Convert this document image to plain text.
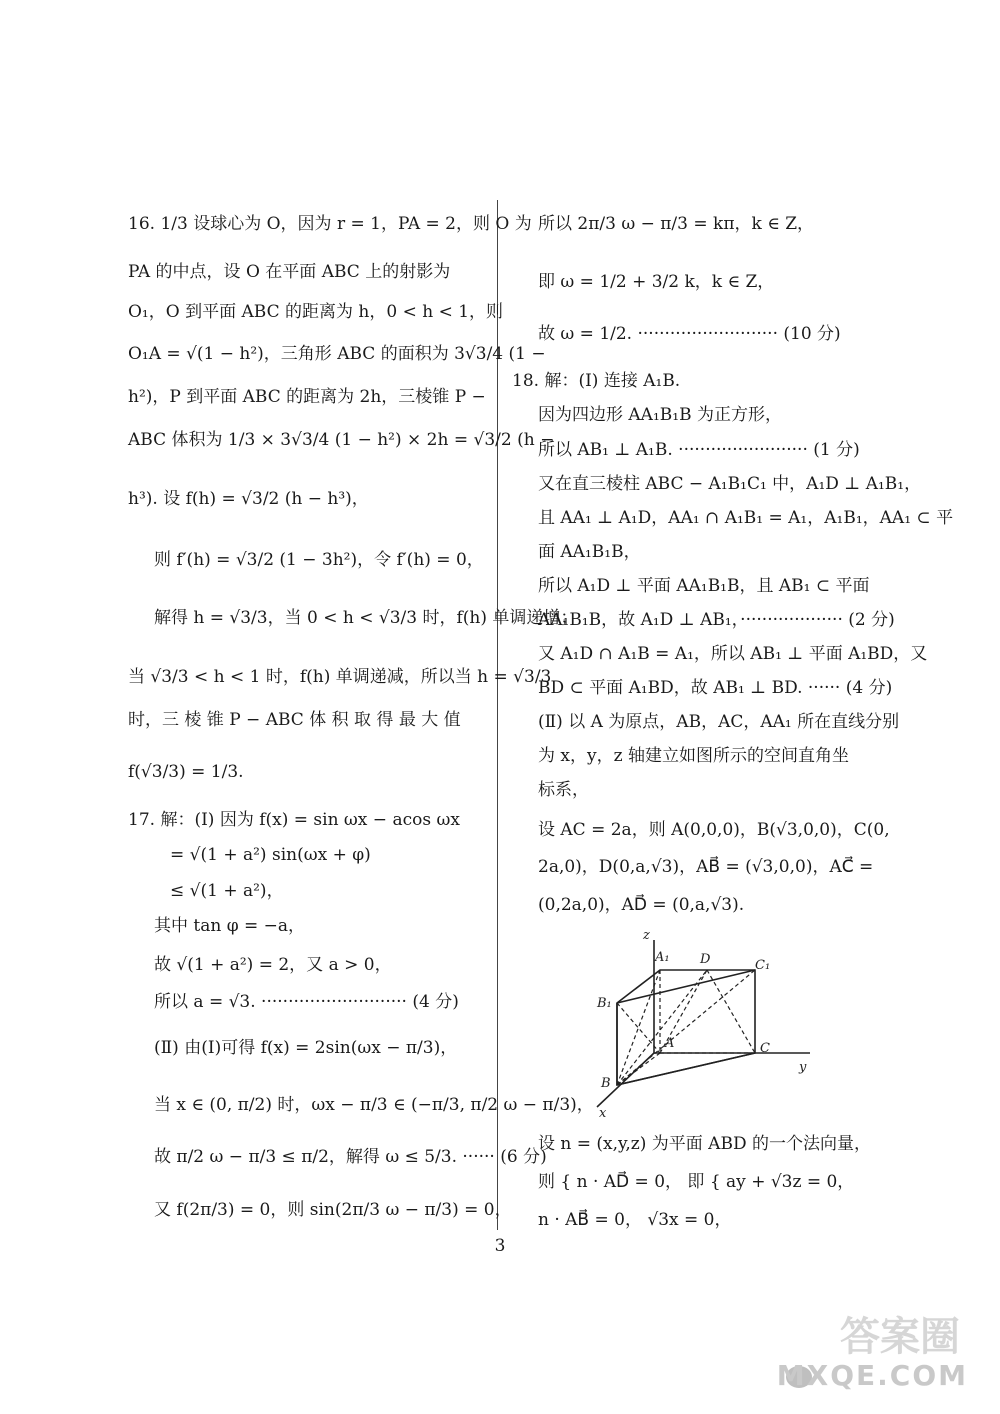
16. 1/3 设球心为 O，因为 r = 1，PA = 2，则 O 为
PA 的中点，设 O 在平面 ABC 上的射影为
O₁，O 到平面 ABC 的距离为 h，0 < h < 1，则
O₁A = √(1 − h²)，三角形 ABC 的面积为 3√3/4 (1 −
h²)，P 到平面 ABC 的距离为 2h，三棱锥 P −
ABC 体积为 1/3 × 3√3/4 (1 − h²) × 2h = √3/2 (h −
h³). 设 f(h) = √3/2 (h − h³)，
则 f′(h) = √3/2 (1 − 3h²)，令 f′(h) = 0，
解得 h = √3/3，当 0 < h < √3/3 时，f(h) 单调递增；
当 √3/3 < h < 1 时，f(h) 单调递减，所以当 h = √3/3
时，三 棱 锥 P − ABC 体 积 取 得 最 大 值
f(√3/3) = 1/3.
17. 解：(Ⅰ) 因为 f(x) = sin ωx − acos ωx
= √(1 + a²) sin(ωx + φ)
≤ √(1 + a²)，
其中 tan φ = −a，
故 √(1 + a²) = 2，又 a > 0，
所以 a = √3. ··························· (4 分)
(Ⅱ) 由(Ⅰ)可得 f(x) = 2sin(ωx − π/3)，
当 x ∈ (0, π/2) 时，ωx − π/3 ∈ (−π/3, π/2 ω − π/3)，
故 π/2 ω − π/3 ≤ π/2，解得 ω ≤ 5/3. ······ (6 分)
又 f(2π/3) = 0，则 sin(2π/3 ω − π/3) = 0，
所以 2π/3 ω − π/3 = kπ，k ∈ Z，
即 ω = 1/2 + 3/2 k，k ∈ Z，
故 ω = 1/2. ·························· (10 分)
18. 解：(Ⅰ) 连接 A₁B.
因为四边形 AA₁B₁B 为正方形，
所以 AB₁ ⊥ A₁B. ························ (1 分)
又在直三棱柱 ABC − A₁B₁C₁ 中，A₁D ⊥ A₁B₁，
且 AA₁ ⊥ A₁D，AA₁ ∩ A₁B₁ = A₁，A₁B₁，AA₁ ⊂ 平
面 AA₁B₁B，
所以 A₁D ⊥ 平面 AA₁B₁B，且 AB₁ ⊂ 平面
AA₁B₁B，故 A₁D ⊥ AB₁，··················· (2 分)
又 A₁D ∩ A₁B = A₁，所以 AB₁ ⊥ 平面 A₁BD，又
BD ⊂ 平面 A₁BD，故 AB₁ ⊥ BD. ······ (4 分)
(Ⅱ) 以 A 为原点，AB，AC，AA₁ 所在直线分别
为 x，y，z 轴建立如图所示的空间直角坐
标系，
设 AC = 2a，则 A(0,0,0)，B(√3,0,0)，C(0,
2a,0)，D(0,a,√3)，AB⃗ = (√3,0,0)，AC⃗ =
(0,2a,0)，AD⃗ = (0,a,√3).
设 n = (x,y,z) 为平面 ABD 的一个法向量，
则 { n · AD⃗ = 0， 即 { ay + √3z = 0，
n · AB⃗ = 0， √3x = 0，
z
y
x
A₁ D	C₁
B₁
A	C
B
3
答案圈
MXQE.COM
